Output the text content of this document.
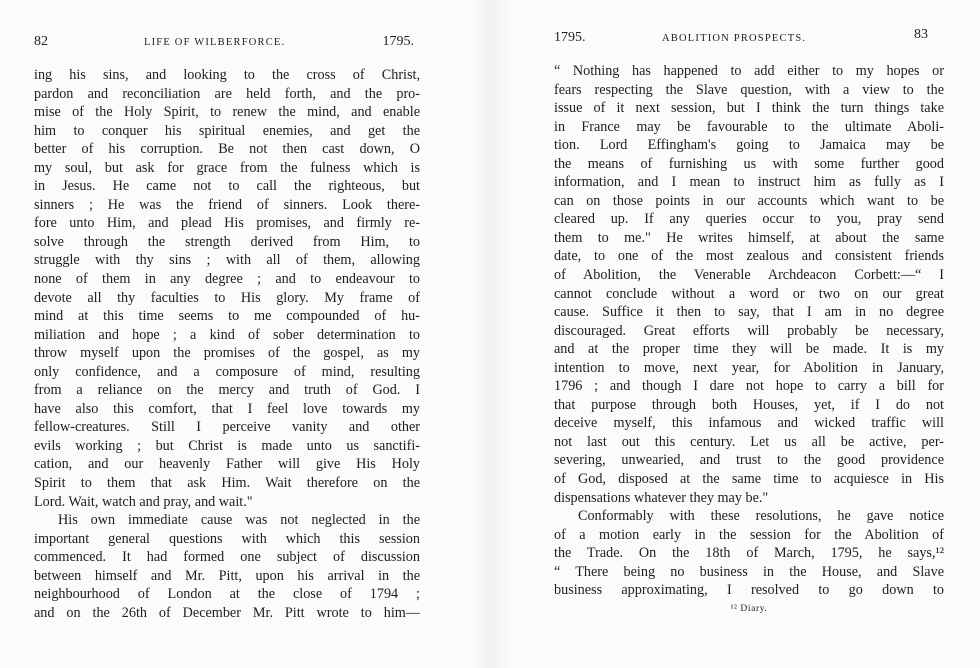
82	LIFE OF WILBERFORCE.	1795.
ing his sins, and looking to the cross of Christ,
pardon and reconciliation are held forth, and the pro-
mise of the Holy Spirit, to renew the mind, and enable
him to conquer his spiritual enemies, and get the
better of his corruption. Be not then cast down, O
my soul, but ask for grace from the fulness which is
in Jesus. He came not to call the righteous, but
sinners ; He was the friend of sinners. Look there-
fore unto Him, and plead His promises, and firmly re-
solve through the strength derived from Him, to
struggle with thy sins ; with all of them, allowing
none of them in any degree ; and to endeavour to
devote all thy faculties to His glory. My frame of
mind at this time seems to me compounded of hu-
miliation and hope ; a kind of sober determination to
throw myself upon the promises of the gospel, as my
only confidence, and a composure of mind, resulting
from a reliance on the mercy and truth of God. I
have also this comfort, that I feel love towards my
fellow-creatures. Still I perceive vanity and other
evils working ; but Christ is made unto us sanctifi-
cation, and our heavenly Father will give His Holy
Spirit to them that ask Him. Wait therefore on the
Lord. Wait, watch and pray, and wait."
His own immediate cause was not neglected in the
important general questions with which this session
commenced. It had formed one subject of discussion
between himself and Mr. Pitt, upon his arrival in the
neighbourhood of London at the close of 1794 ;
and on the 26th of December Mr. Pitt wrote to him—
1795.	ABOLITION PROSPECTS.	83
“ Nothing has happened to add either to my hopes or
fears respecting the Slave question, with a view to the
issue of it next session, but I think the turn things take
in France may be favourable to the ultimate Aboli-
tion. Lord Effingham's going to Jamaica may be
the means of furnishing us with some further good
information, and I mean to instruct him as fully as I
can on those points in our accounts which want to be
cleared up. If any queries occur to you, pray send
them to me." He writes himself, at about the same
date, to one of the most zealous and consistent friends
of Abolition, the Venerable Archdeacon Corbett:—“ I
cannot conclude without a word or two on our great
cause. Suffice it then to say, that I am in no degree
discouraged. Great efforts will probably be necessary,
and at the proper time they will be made. It is my
intention to move, next year, for Abolition in January,
1796 ; and though I dare not hope to carry a bill for
that purpose through both Houses, yet, if I do not
deceive myself, this infamous and wicked traffic will
not last out this century. Let us all be active, per-
severing, unwearied, and trust to the good providence
of God, disposed at the same time to acquiesce in His
dispensations whatever they may be."
Conformably with these resolutions, he gave notice
of a motion early in the session for the Abolition of
the Trade. On the 18th of March, 1795, he says,¹²
“ There being no business in the House, and Slave
business approximating, I resolved to go down to
¹² Diary.
